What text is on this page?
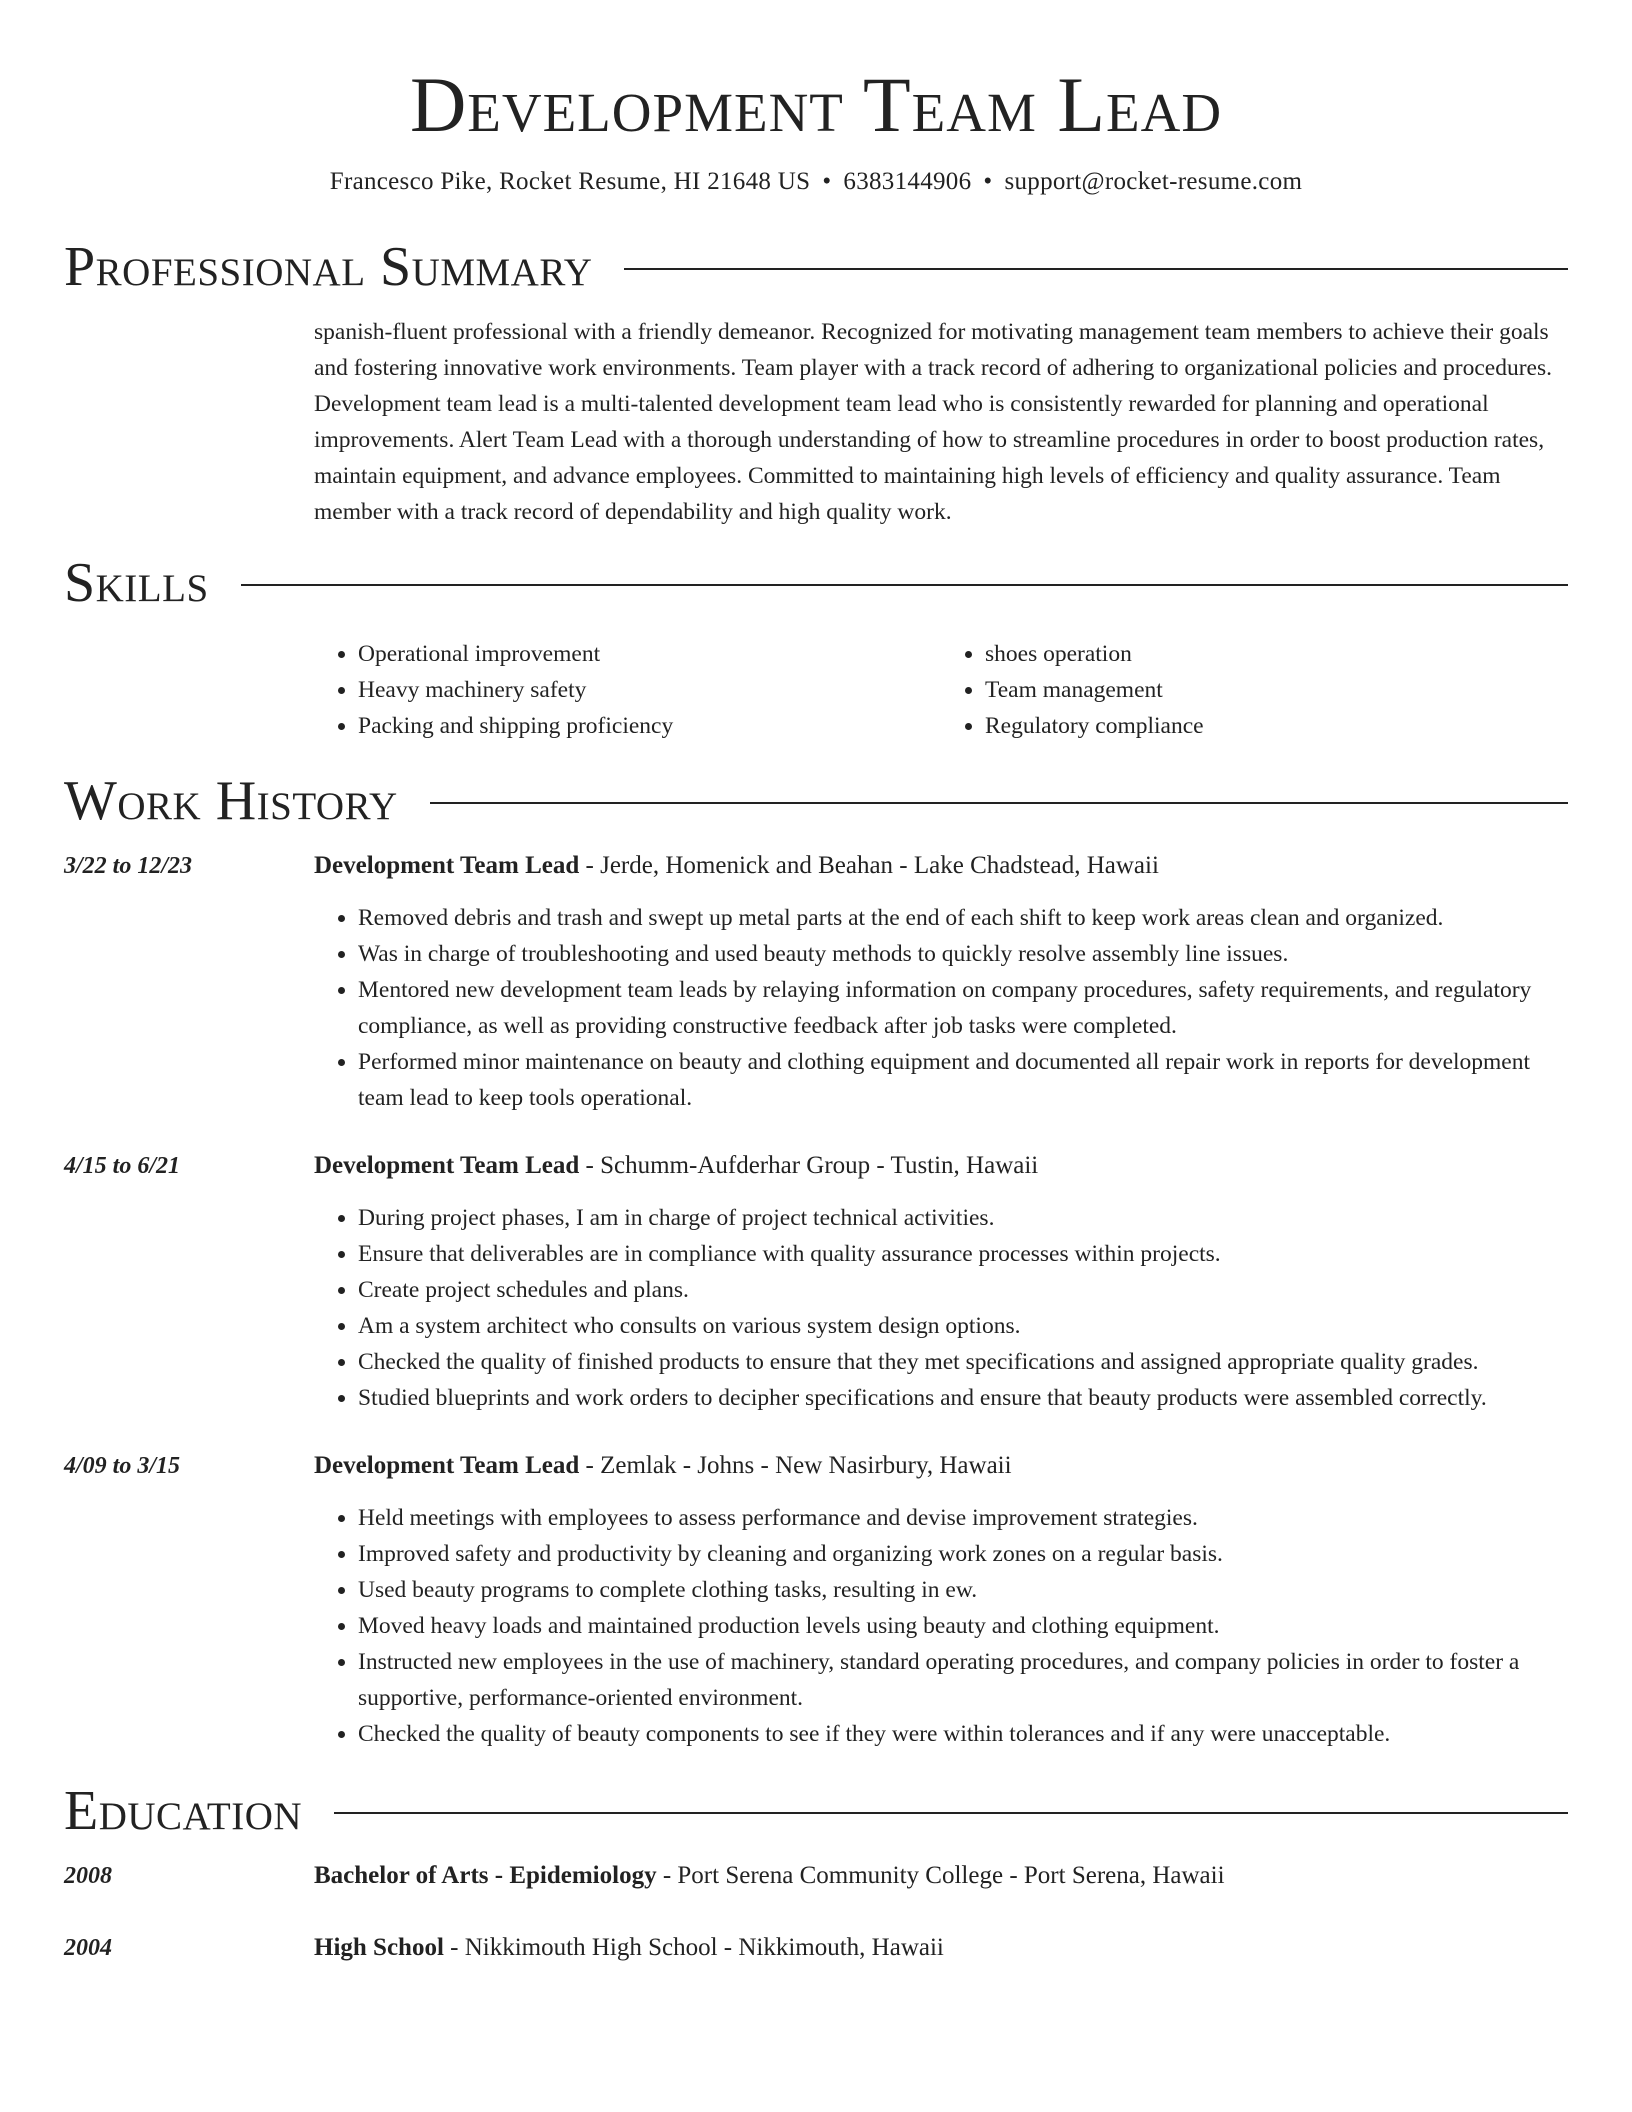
Development Team Lead
Francesco Pike, Rocket Resume, HI 21648 US • 6383144906 • support@rocket-resume.com
Professional Summary
spanish-fluent professional with a friendly demeanor. Recognized for motivating management team members to achieve their goals and fostering innovative work environments. Team player with a track record of adhering to organizational policies and procedures. Development team lead is a multi-talented development team lead who is consistently rewarded for planning and operational improvements. Alert Team Lead with a thorough understanding of how to streamline procedures in order to boost production rates, maintain equipment, and advance employees. Committed to maintaining high levels of efficiency and quality assurance. Team member with a track record of dependability and high quality work.
Skills
• Operational improvement
• Heavy machinery safety
• Packing and shipping proficiency
• shoes operation
• Team management
• Regulatory compliance
Work History
3/22 to 12/23	Development Team Lead - Jerde, Homenick and Beahan - Lake Chadstead, Hawaii
• Removed debris and trash and swept up metal parts at the end of each shift to keep work areas clean and organized.
• Was in charge of troubleshooting and used beauty methods to quickly resolve assembly line issues.
• Mentored new development team leads by relaying information on company procedures, safety requirements, and regulatory compliance, as well as providing constructive feedback after job tasks were completed.
• Performed minor maintenance on beauty and clothing equipment and documented all repair work in reports for development team lead to keep tools operational.
4/15 to 6/21	Development Team Lead - Schumm-Aufderhar Group - Tustin, Hawaii
• During project phases, I am in charge of project technical activities.
• Ensure that deliverables are in compliance with quality assurance processes within projects.
• Create project schedules and plans.
• Am a system architect who consults on various system design options.
• Checked the quality of finished products to ensure that they met specifications and assigned appropriate quality grades.
• Studied blueprints and work orders to decipher specifications and ensure that beauty products were assembled correctly.
4/09 to 3/15	Development Team Lead - Zemlak - Johns - New Nasirbury, Hawaii
• Held meetings with employees to assess performance and devise improvement strategies.
• Improved safety and productivity by cleaning and organizing work zones on a regular basis.
• Used beauty programs to complete clothing tasks, resulting in ew.
• Moved heavy loads and maintained production levels using beauty and clothing equipment.
• Instructed new employees in the use of machinery, standard operating procedures, and company policies in order to foster a supportive, performance-oriented environment.
• Checked the quality of beauty components to see if they were within tolerances and if any were unacceptable.
Education
2008	Bachelor of Arts - Epidemiology - Port Serena Community College - Port Serena, Hawaii
2004	High School - Nikkimouth High School - Nikkimouth, Hawaii
